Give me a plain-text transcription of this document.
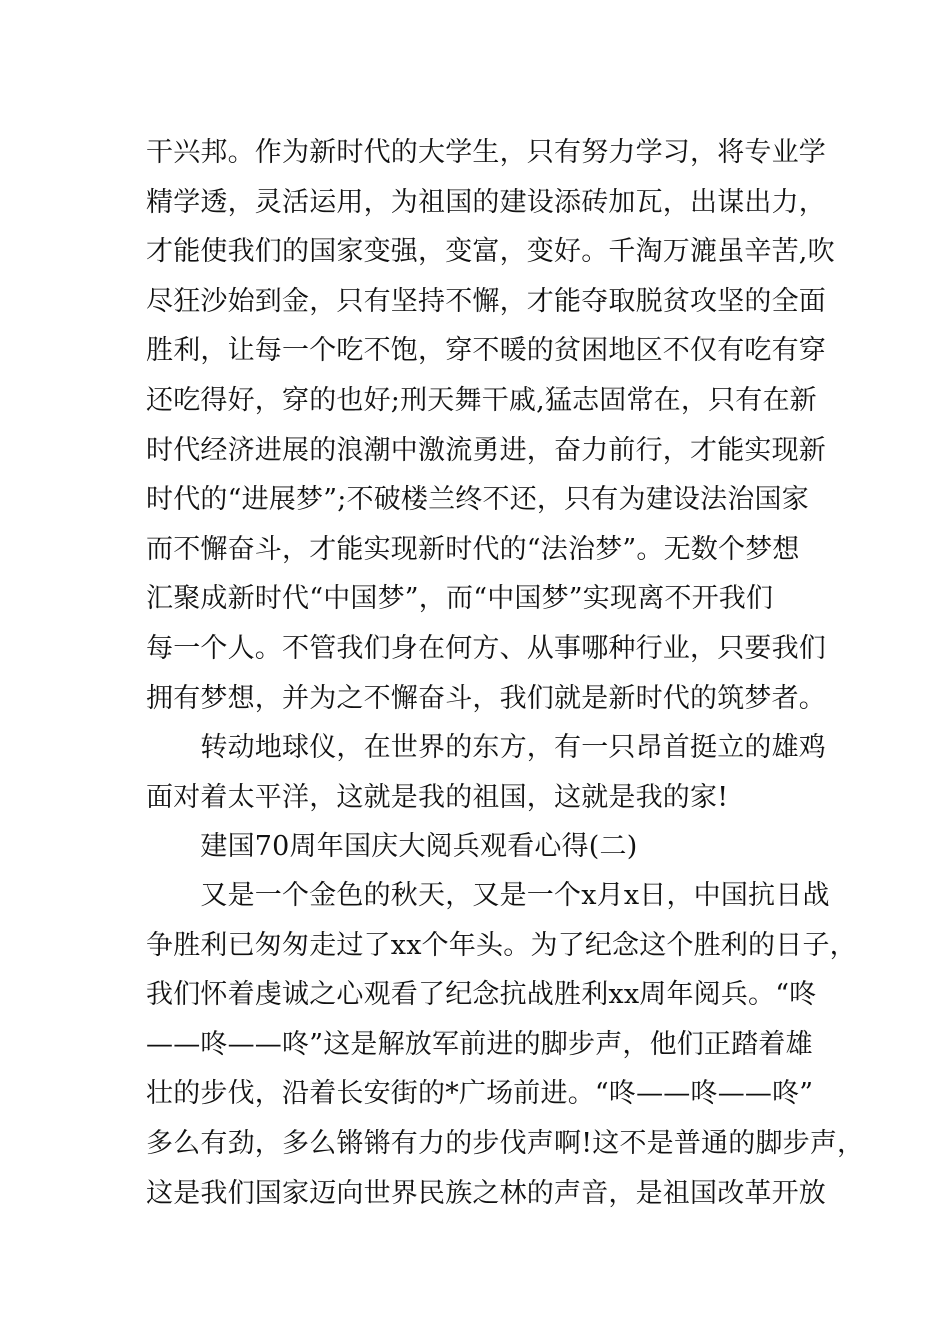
干兴邦。作为新时代的大学生，只有努力学习，将专业学
精学透，灵活运用，为祖国的建设添砖加瓦，出谋出力，
才能使我们的国家变强，变富，变好。千淘万漉虽辛苦,吹
尽狂沙始到金，只有坚持不懈，才能夺取脱贫攻坚的全面
胜利，让每一个吃不饱，穿不暖的贫困地区不仅有吃有穿
还吃得好，穿的也好;刑天舞干戚,猛志固常在，只有在新
时代经济进展的浪潮中激流勇进，奋力前行，才能实现新
时代的“进展梦”;不破楼兰终不还，只有为建设法治国家
而不懈奋斗，才能实现新时代的“法治梦”。无数个梦想
汇聚成新时代“中国梦”，而“中国梦”实现离不开我们
每一个人。不管我们身在何方、从事哪种行业，只要我们
拥有梦想，并为之不懈奋斗，我们就是新时代的筑梦者。
　　转动地球仪，在世界的东方，有一只昂首挺立的雄鸡
面对着太平洋，这就是我的祖国，这就是我的家!
　　建国70周年国庆大阅兵观看心得(二)
　　又是一个金色的秋天，又是一个x月x日，中国抗日战
争胜利已匆匆走过了xx个年头。为了纪念这个胜利的日子，
我们怀着虔诚之心观看了纪念抗战胜利xx周年阅兵。“咚
——咚——咚”这是解放军前进的脚步声，他们正踏着雄
壮的步伐，沿着长安街的*广场前进。“咚——咚——咚”
多么有劲，多么锵锵有力的步伐声啊!这不是普通的脚步声，
这是我们国家迈向世界民族之林的声音，是祖国改革开放
